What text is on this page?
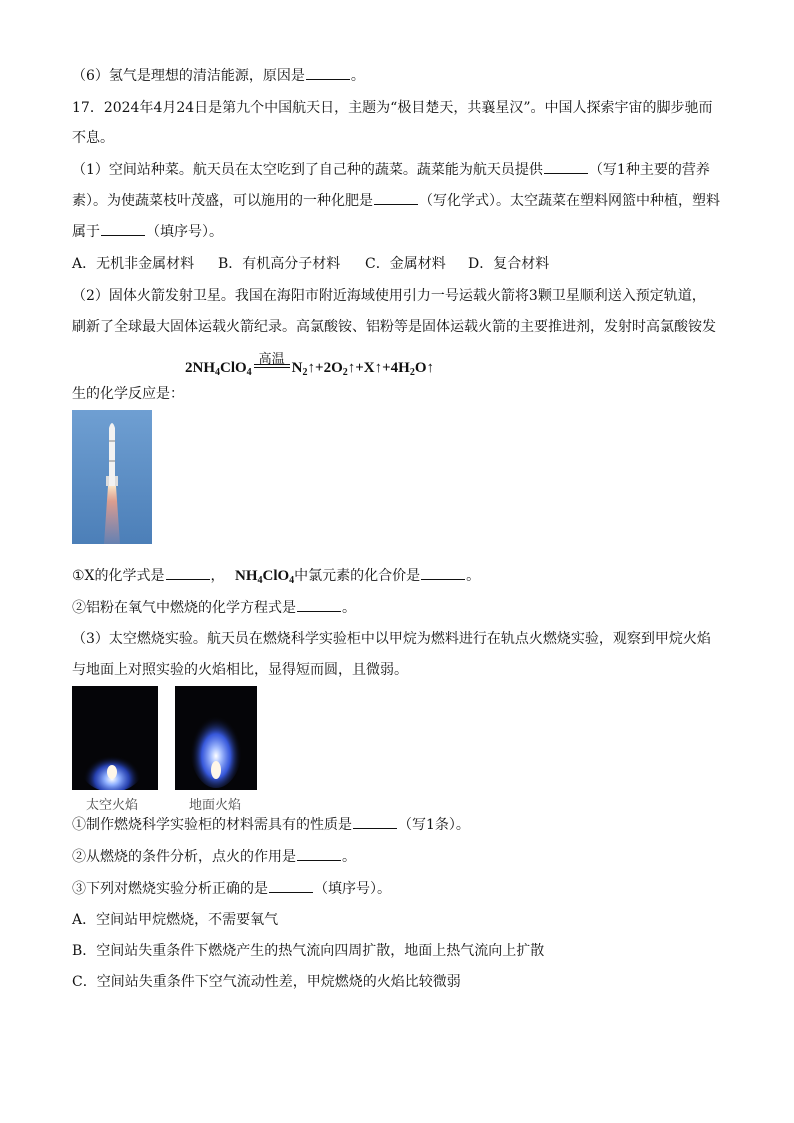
（6）氢气是理想的清洁能源，原因是	。
17．2024年4月24日是第九个中国航天日，主题为“极目楚天，共襄星汉”。中国人探索宇宙的脚步驰而
不息。
（1）空间站种菜。航天员在太空吃到了自己种的蔬菜。蔬菜能为航天员提供	（写1种主要的营养
素）。为使蔬菜枝叶茂盛，可以施用的一种化肥是	（写化学式）。太空蔬菜在塑料网篮中种植，塑料
属于	（填序号）。
A．无机非金属材料 B．有机高分子材料 C．金属材料 D．复合材料
（2）固体火箭发射卫星。我国在海阳市附近海域使用引力一号运载火箭将3颗卫星顺利送入预定轨道，
刷新了全球最大固体运载火箭纪录。高氯酸铵、铝粉等是固体运载火箭的主要推进剂，发射时高氯酸铵发
$2NH_4ClO_4$
高温
$N_2↑+2O_2↑+X↑+4H_2O↑$
生的化学反应是：
①X的化学式是	， $NH_4ClO_4$中氯元素的化合价是	。
②铝粉在氧气中燃烧的化学方程式是	。
（3）太空燃烧实验。航天员在燃烧科学实验柜中以甲烷为燃料进行在轨点火燃烧实验，观察到甲烷火焰
与地面上对照实验的火焰相比，显得短而圆，且微弱。
太空火焰	地面火焰
①制作燃烧科学实验柜的材料需具有的性质是	（写1条）。
②从燃烧的条件分析，点火的作用是	。
③下列对燃烧实验分析正确的是	（填序号）。
A．空间站甲烷燃烧，不需要氧气
B．空间站失重条件下燃烧产生的热气流向四周扩散，地面上热气流向上扩散
C．空间站失重条件下空气流动性差，甲烷燃烧的火焰比较微弱
